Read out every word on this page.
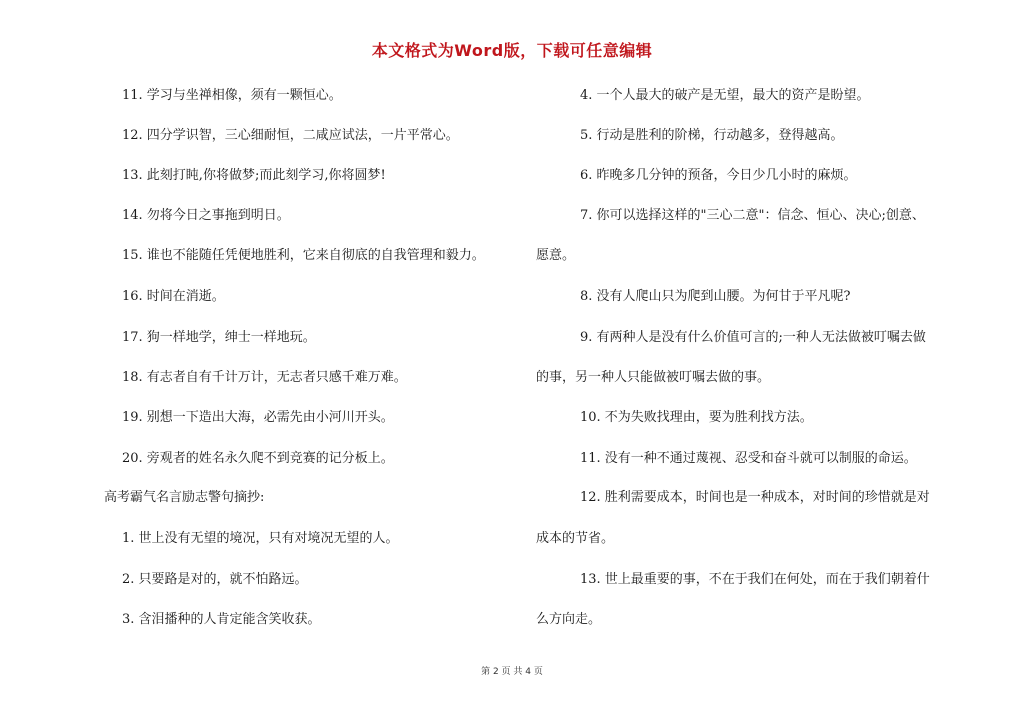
本文格式为Word版，下载可任意编辑
11. 学习与坐禅相像，须有一颗恒心。
12. 四分学识智，三心细耐恒，二咸应试法，一片平常心。
13. 此刻打盹,你将做梦;而此刻学习,你将圆梦!
14. 勿将今日之事拖到明日。
15. 谁也不能随任凭便地胜利，它来自彻底的自我管理和毅力。
16. 时间在消逝。
17. 狗一样地学，绅士一样地玩。
18. 有志者自有千计万计，无志者只感千难万难。
19. 别想一下造出大海，必需先由小河川开头。
20. 旁观者的姓名永久爬不到竞赛的记分板上。
高考霸气名言励志警句摘抄:
1. 世上没有无望的境况，只有对境况无望的人。
2. 只要路是对的，就不怕路远。
3. 含泪播种的人肯定能含笑收获。
4. 一个人最大的破产是无望，最大的资产是盼望。
5. 行动是胜利的阶梯，行动越多，登得越高。
6. 昨晚多几分钟的预备，今日少几小时的麻烦。
7. 你可以选择这样的"三心二意"：信念、恒心、决心;创意、
愿意。
8. 没有人爬山只为爬到山腰。为何甘于平凡呢?
9. 有两种人是没有什么价值可言的;一种人无法做被叮嘱去做
的事，另一种人只能做被叮嘱去做的事。
10. 不为失败找理由，要为胜利找方法。
11. 没有一种不通过蔑视、忍受和奋斗就可以制服的命运。
12. 胜利需要成本，时间也是一种成本，对时间的珍惜就是对
成本的节省。
13. 世上最重要的事，不在于我们在何处，而在于我们朝着什
么方向走。
第 2 页 共 4 页
